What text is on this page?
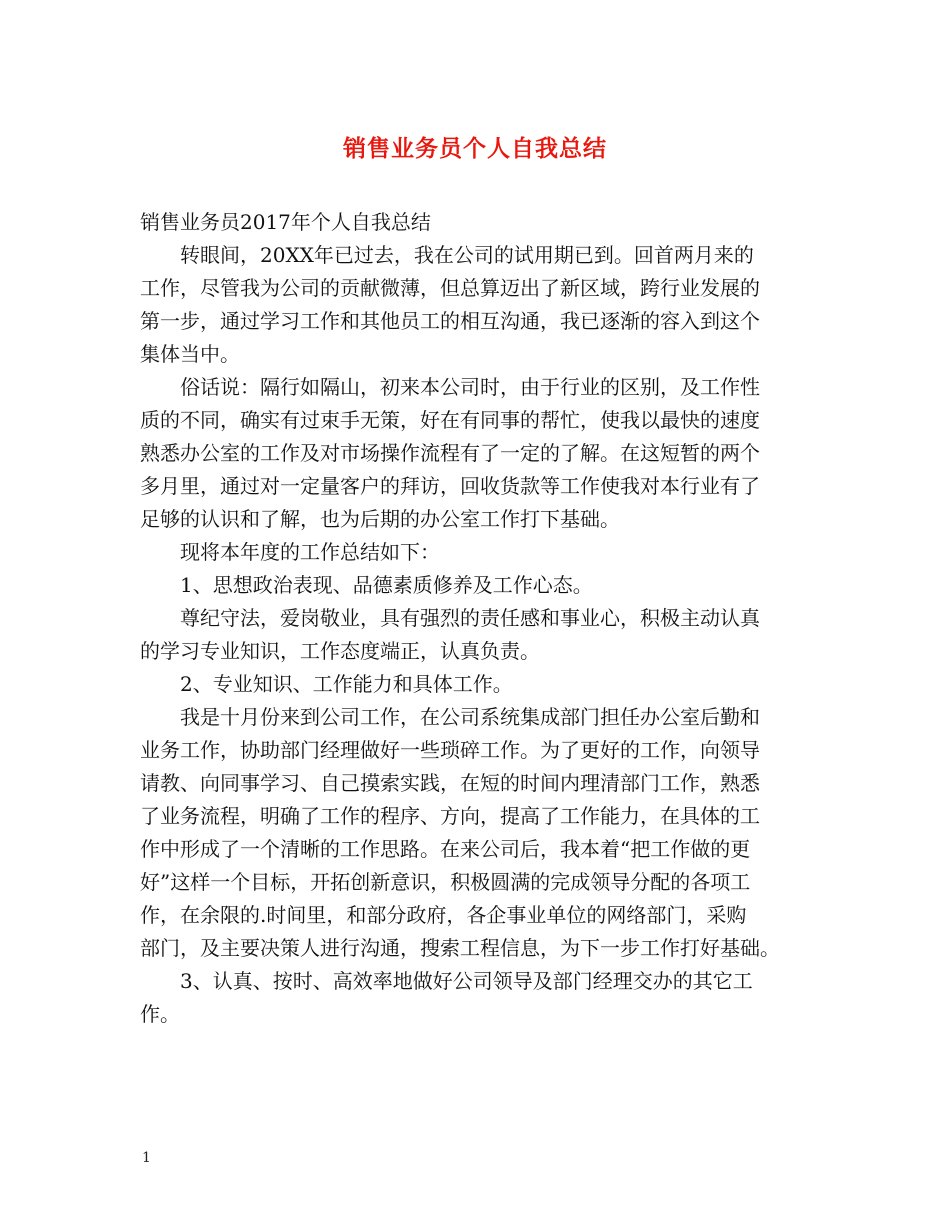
销售业务员个人自我总结

销售业务员2017年个人自我总结

转眼间，20XX年已过去，我在公司的试用期已到。回首两月来的

工作，尽管我为公司的贡献微薄，但总算迈出了新区域，跨行业发展的

第一步，通过学习工作和其他员工的相互沟通，我已逐渐的容入到这个

集体当中。

俗话说：隔行如隔山，初来本公司时，由于行业的区别，及工作性

质的不同，确实有过束手无策，好在有同事的帮忙，使我以最快的速度

熟悉办公室的工作及对市场操作流程有了一定的了解。在这短暂的两个

多月里，通过对一定量客户的拜访，回收货款等工作使我对本行业有了

足够的认识和了解，也为后期的办公室工作打下基础。

现将本年度的工作总结如下：

1、思想政治表现、品德素质修养及工作心态。

尊纪守法，爱岗敬业，具有强烈的责任感和事业心，积极主动认真

的学习专业知识，工作态度端正，认真负责。

2、专业知识、工作能力和具体工作。

我是十月份来到公司工作，在公司系统集成部门担任办公室后勤和

业务工作，协助部门经理做好一些琐碎工作。为了更好的工作，向领导

请教、向同事学习、自己摸索实践，在短的时间内理清部门工作，熟悉

了业务流程，明确了工作的程序、方向，提高了工作能力，在具体的工

作中形成了一个清晰的工作思路。在来公司后，我本着“把工作做的更

好”这样一个目标，开拓创新意识，积极圆满的完成领导分配的各项工

作，在余限的.时间里，和部分政府，各企事业单位的网络部门，采购

部门，及主要决策人进行沟通，搜索工程信息，为下一步工作打好基础。

3、认真、按时、高效率地做好公司领导及部门经理交办的其它工

作。

1
